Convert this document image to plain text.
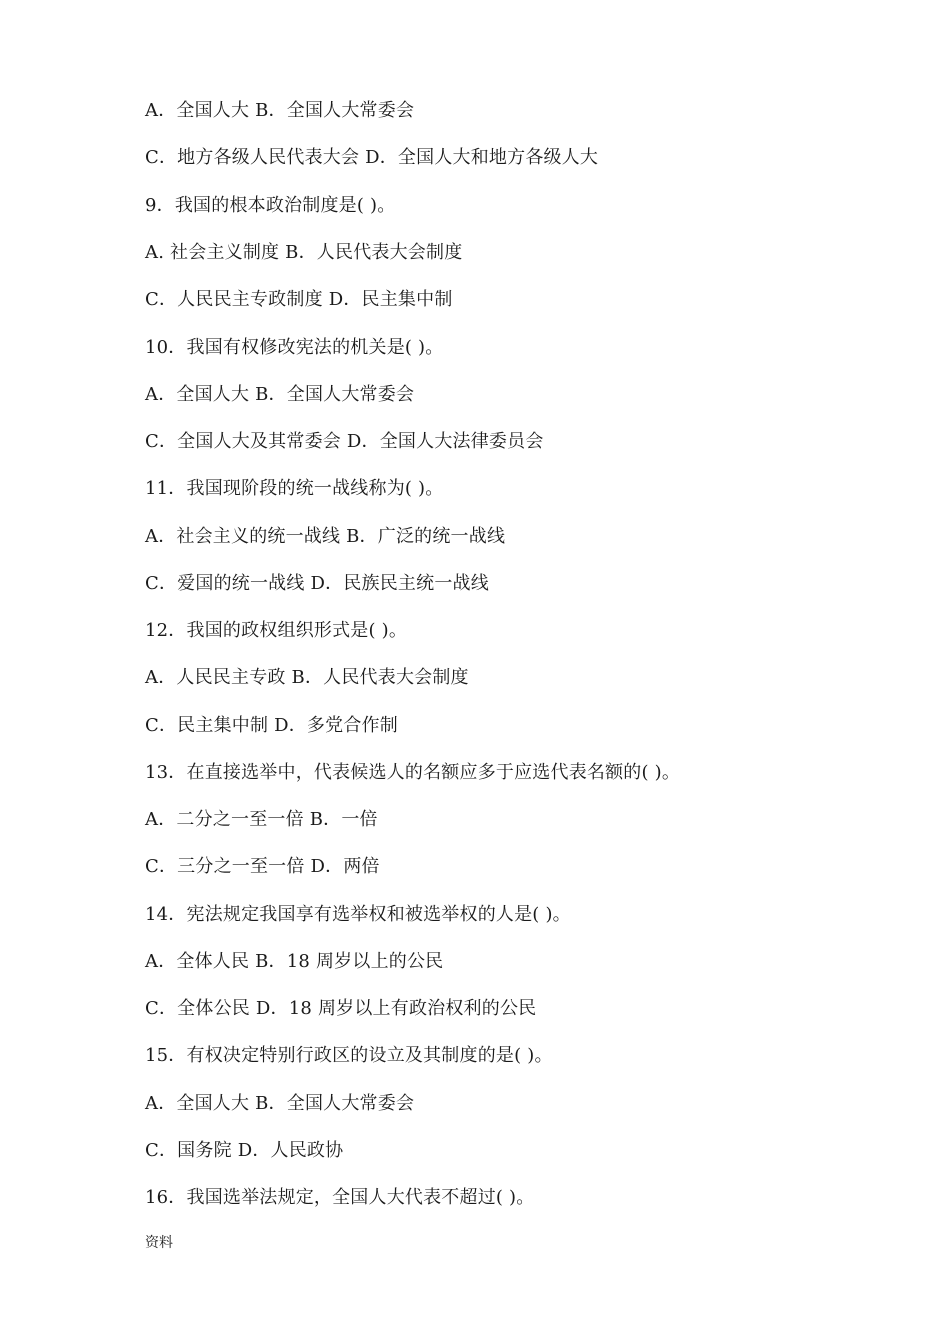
A．全国人大 B．全国人大常委会
C．地方各级人民代表大会 D．全国人大和地方各级人大
9．我国的根本政治制度是( )。
A. 社会主义制度 B．人民代表大会制度
C．人民民主专政制度 D．民主集中制
10．我国有权修改宪法的机关是( )。
A．全国人大 B．全国人大常委会
C．全国人大及其常委会 D．全国人大法律委员会
11．我国现阶段的统一战线称为( )。
A．社会主义的统一战线 B．广泛的统一战线
C．爱国的统一战线 D．民族民主统一战线
12．我国的政权组织形式是( )。
A．人民民主专政 B．人民代表大会制度
C．民主集中制 D．多党合作制
13．在直接选举中，代表候选人的名额应多于应选代表名额的( )。
A．二分之一至一倍 B．一倍
C．三分之一至一倍 D．两倍
14．宪法规定我国享有选举权和被选举权的人是( )。
A．全体人民 B．18 周岁以上的公民
C．全体公民 D．18 周岁以上有政治权利的公民
15．有权决定特别行政区的设立及其制度的是( )。
A．全国人大 B．全国人大常委会
C．国务院 D．人民政协
16．我国选举法规定，全国人大代表不超过( )。
资料
